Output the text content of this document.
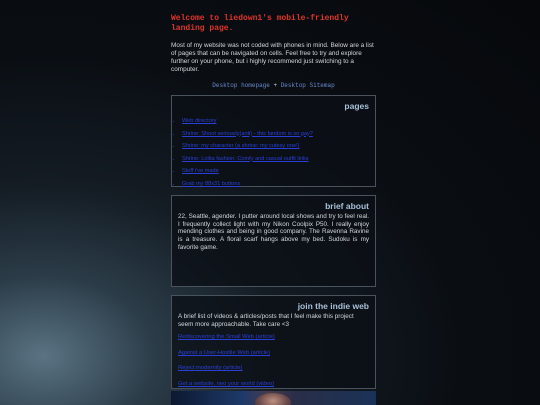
Welcome to liedown1's mobile-friendly landing page.

Most of my website was not coded with phones in mind. Below are a list of pages that can be navigated on cells. Feel free to try and explore further on your phone, but i highly recommend just switching to a computer.

Desktop homepage + Desktop Sitemap
pages
• Web directory
• Shrine: Shoot seriously(anti) - this fandom is so gay?
• Shrine: my character (a shrine: my cutesy one!)
• Shrine: Lolita fashion: Comfy and casual outfit links
• Stuff i've made
• Grab my 88x31 buttons
brief about

22, Seattle, agender. I putter around local shows and try to feel real. I frequently collect light with my Nikon Coolpix P50. I really enjoy mending clothes and being in good company. The Ravenna Ravine is a treasure. A floral scarf hangs above my bed. Sudoku is my favorite game.

join the indie web

A brief list of videos & articles/posts that I feel make this project seem more approachable. Take care <3

Rediscovering the Small Web (article)
Against a User-Hostile Web (article)
Reject modernity (article)
Get a website, neo your world (video)
